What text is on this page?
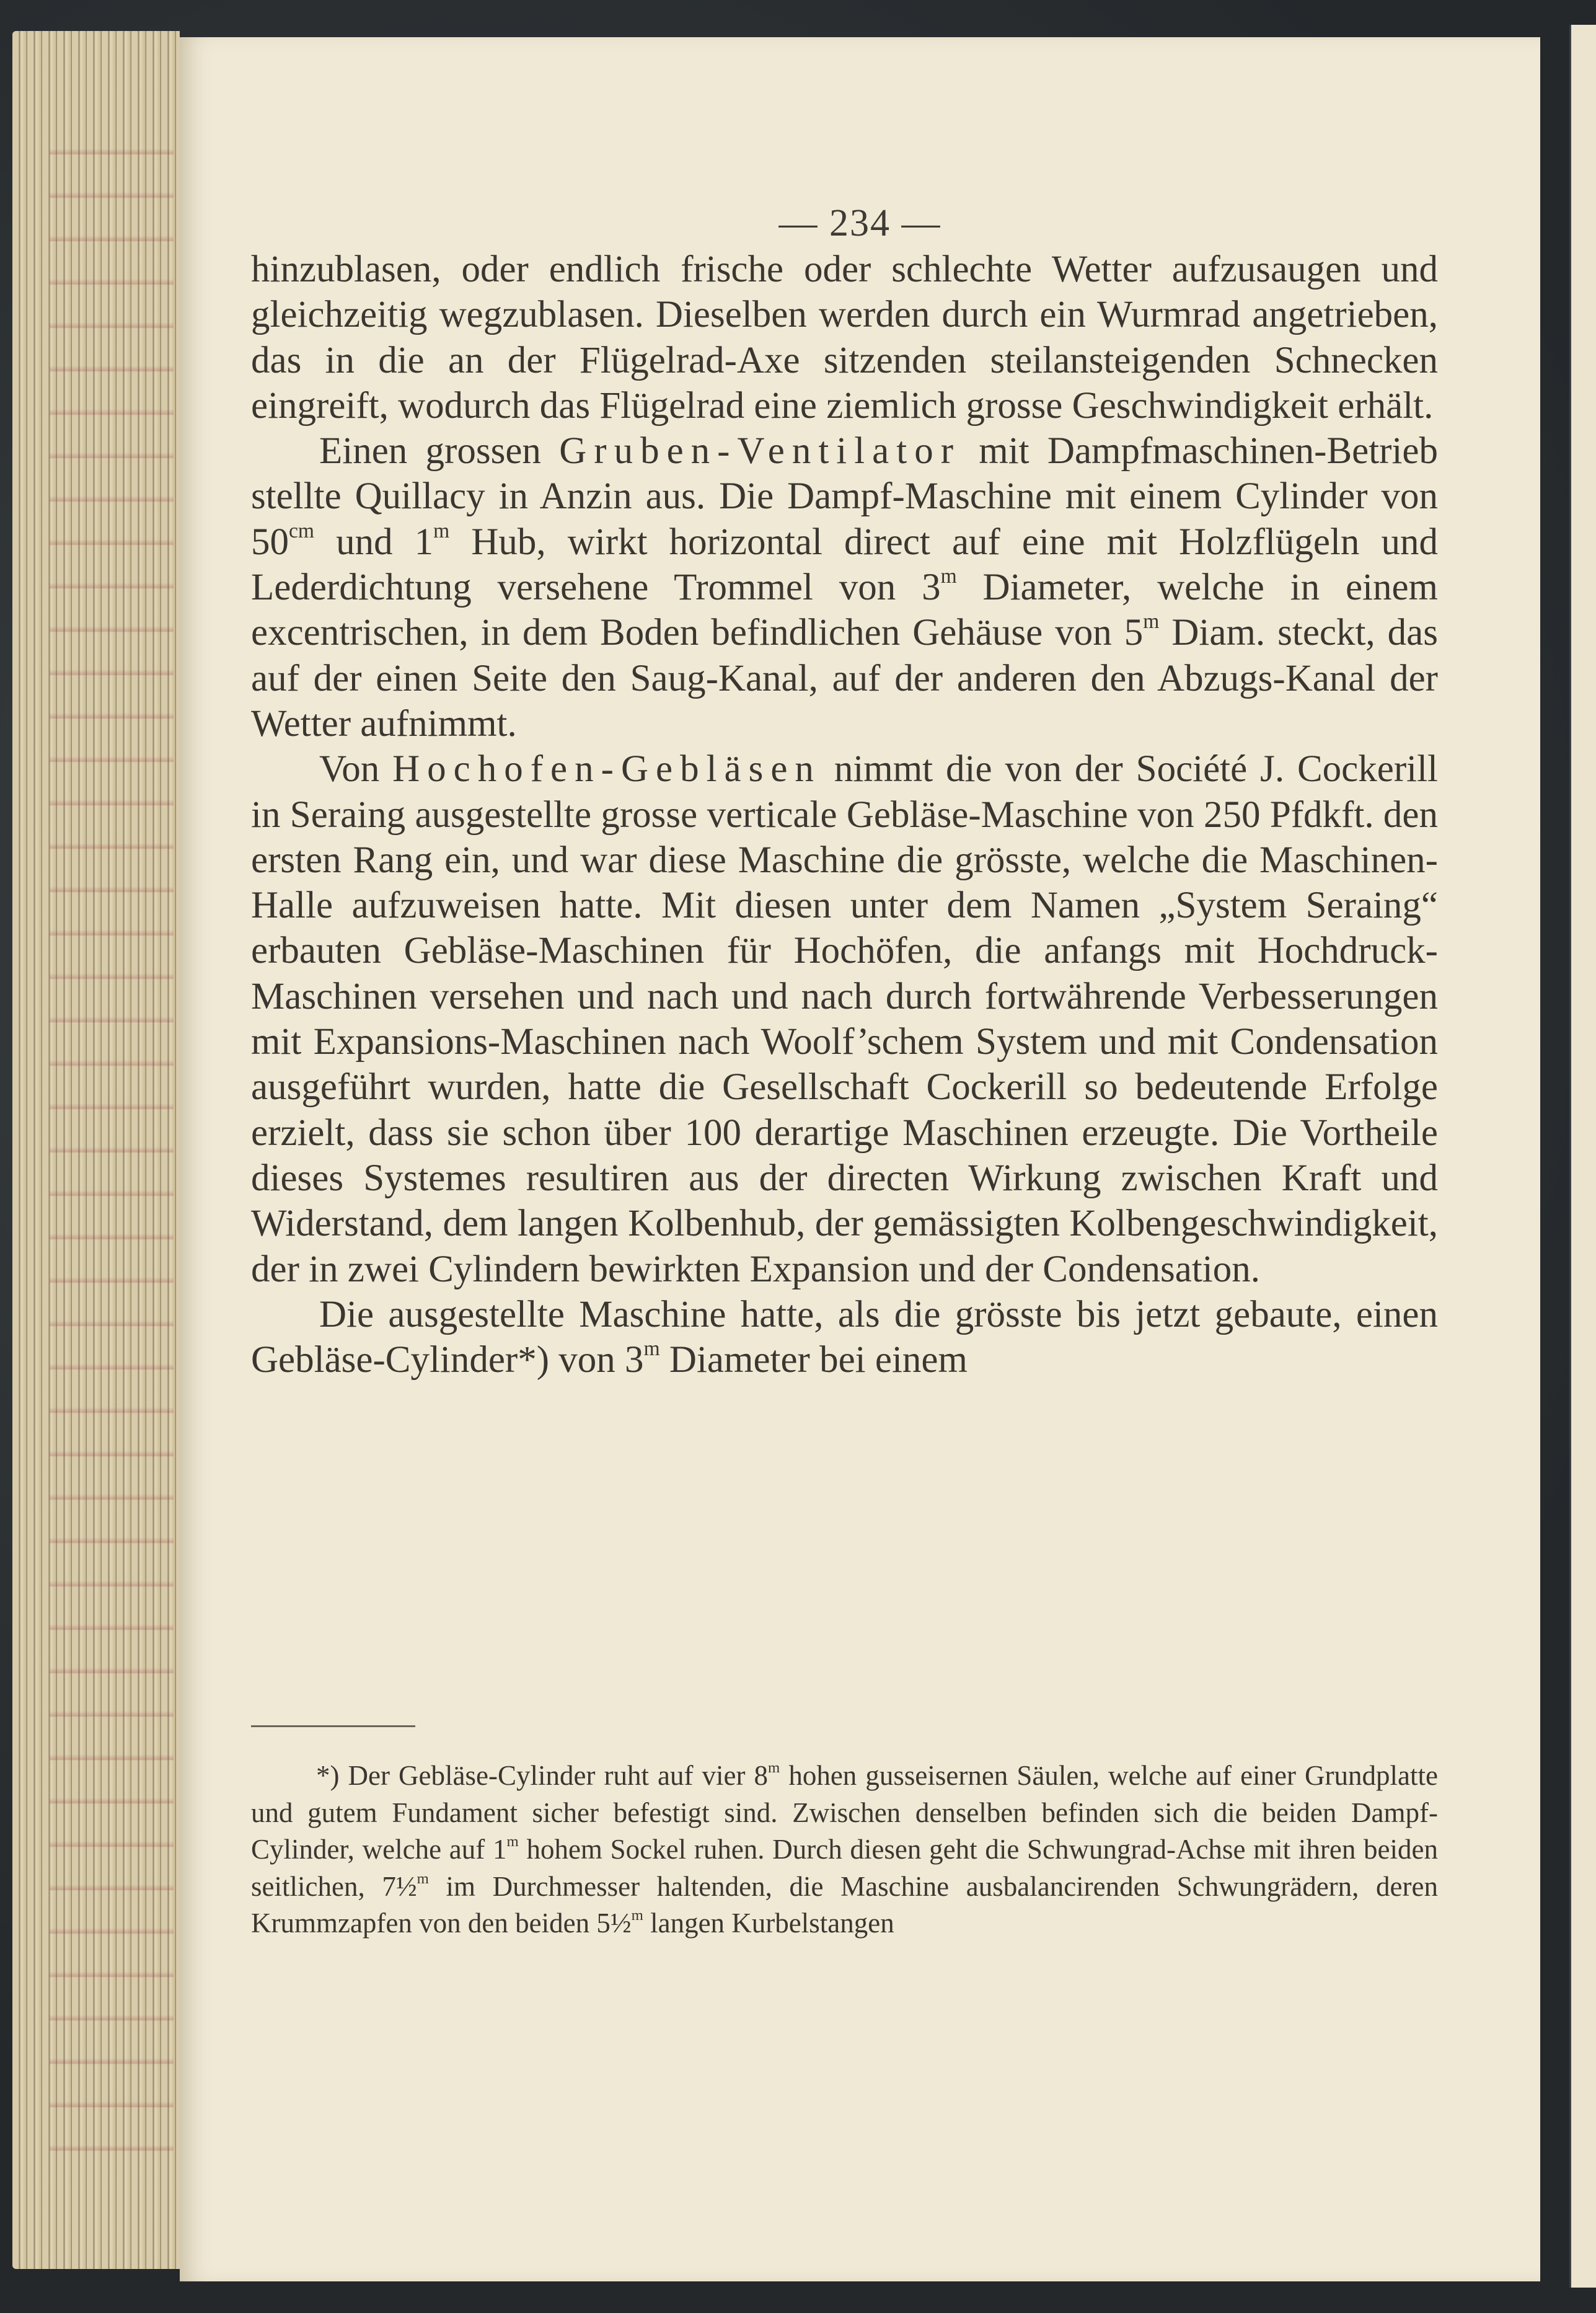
— 234 —

hinzublasen, oder endlich frische oder schlechte Wetter aufzusaugen und gleichzeitig wegzublasen. Dieselben werden durch ein Wurmrad angetrieben, das in die an der Flügelrad-Axe sitzenden steilansteigenden Schnecken eingreift, wodurch das Flügelrad eine ziemlich grosse Geschwindigkeit erhält.

Einen grossen Gruben-Ventilator mit Dampfmaschinen-Betrieb stellte Quillacy in Anzin aus. Die Dampf-Maschine mit einem Cylinder von $50^{cm}$ und 1$^m$ Hub, wirkt horizontal direct auf eine mit Holzflügeln und Lederdichtung versehene Trommel von 3$^m$ Diameter, welche in einem excentrischen, in dem Boden befindlichen Gehäuse von 5$^m$ Diam. steckt, das auf der einen Seite den Saug-Kanal, auf der anderen den Abzugs-Kanal der Wetter aufnimmt.

Von Hochofen-Gebläsen nimmt die von der Société J. Cockerill in Seraing ausgestellte grosse verticale Gebläse-Maschine von 250 Pfdkft. den ersten Rang ein, und war diese Maschine die grösste, welche die Maschinen-Halle aufzuweisen hatte. Mit diesen unter dem Namen „System Seraing“ erbauten Gebläse-Maschinen für Hochöfen, die anfangs mit Hochdruck-Maschinen versehen und nach und nach durch fortwährende Verbesserungen mit Expansions-Maschinen nach Woolf’schem System und mit Condensation ausgeführt wurden, hatte die Gesellschaft Cockerill so bedeutende Erfolge erzielt, dass sie schon über 100 derartige Maschinen erzeugte. Die Vortheile dieses Systemes resultiren aus der directen Wirkung zwischen Kraft und Widerstand, dem langen Kolbenhub, der gemässigten Kolbengeschwindigkeit, der in zwei Cylindern bewirkten Expansion und der Condensation.

Die ausgestellte Maschine hatte, als die grösste bis jetzt gebaute, einen Gebläse-Cylinder*) von 3$^m$ Diameter bei einem

*) Der Gebläse-Cylinder ruht auf vier 8$^m$ hohen gusseisernen Säulen, welche auf einer Grundplatte und gutem Fundament sicher befestigt sind. Zwischen denselben befinden sich die beiden Dampf-Cylinder, welche auf 1$^m$ hohem Sockel ruhen. Durch diesen geht die Schwungrad-Achse mit ihren beiden seitlichen, 7½$^m$ im Durchmesser haltenden, die Maschine ausbalancirenden Schwungrädern, deren Krummzapfen von den beiden 5½$^m$ langen Kurbelstangen
